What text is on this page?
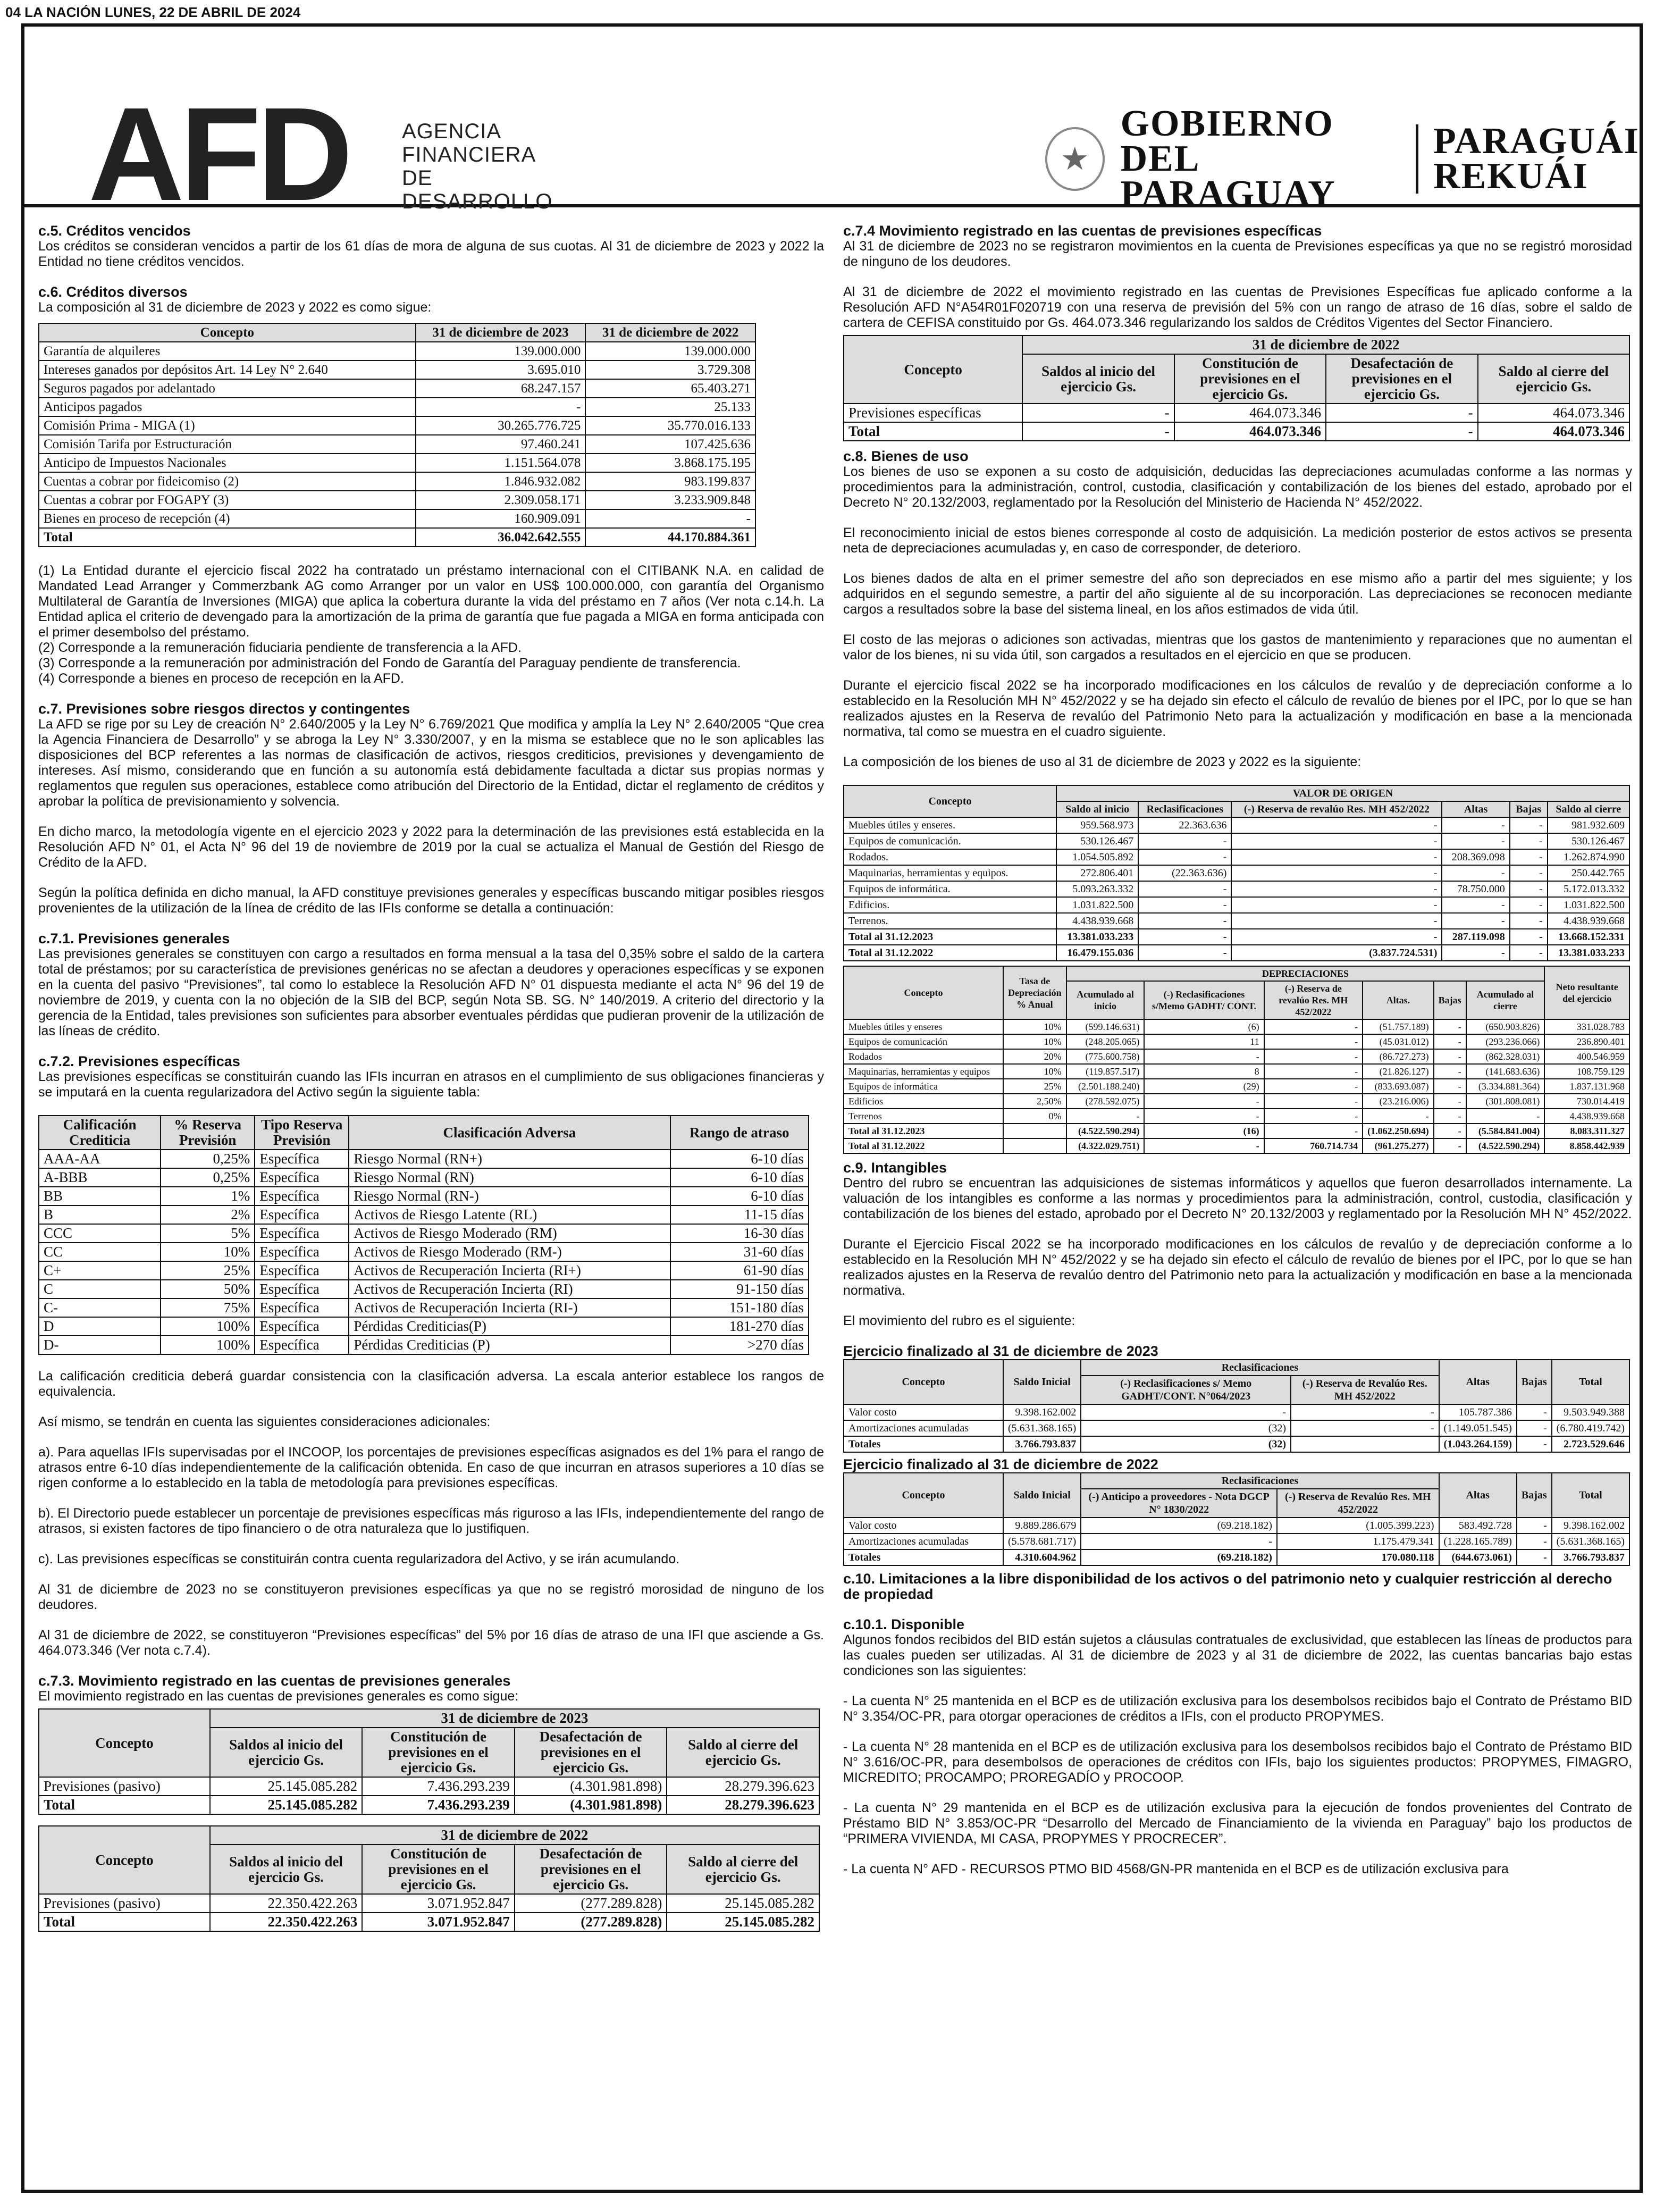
04 LA NACIÓN LUNES, 22 DE ABRIL DE 2024
AFD	AGENCIA
FINANCIERA
DE DESARROLLO
★
GOBIERNO DEL
PARAGUAY
PARAGUÁI
REKUÁI
c.5. Créditos vencidos

Los créditos se consideran vencidos a partir de los 61 días de mora de alguna de sus cuotas. Al 31 de diciembre de 2023 y 2022 la Entidad no tiene créditos vencidos.

c.6. Créditos diversos

La composición al 31 de diciembre de 2023 y 2022 es como sigue:

Concepto	31 de diciembre de 2023	31 de diciembre de 2022
Garantía de alquileres	139.000.000	139.000.000
Intereses ganados por depósitos Art. 14 Ley N° 2.640	3.695.010	3.729.308
Seguros pagados por adelantado	68.247.157	65.403.271
Anticipos pagados	-	25.133
Comisión Prima - MIGA (1)	30.265.776.725	35.770.016.133
Comisión Tarifa por Estructuración	97.460.241	107.425.636
Anticipo de Impuestos Nacionales	1.151.564.078	3.868.175.195
Cuentas a cobrar por fideicomiso (2)	1.846.932.082	983.199.837
Cuentas a cobrar por FOGAPY (3)	2.309.058.171	3.233.909.848
Bienes en proceso de recepción (4)	160.909.091	-
Total	36.042.642.555	44.170.884.361

(1) La Entidad durante el ejercicio fiscal 2022 ha contratado un préstamo internacional con el CITIBANK N.A. en calidad de Mandated Lead Arranger y Commerzbank AG como Arranger por un valor en US$ 100.000.000, con garantía del Organismo Multilateral de Garantía de Inversiones (MIGA) que aplica la cobertura durante la vida del préstamo en 7 años (Ver nota c.14.h. La Entidad aplica el criterio de devengado para la amortización de la prima de garantía que fue pagada a MIGA en forma anticipada con el primer desembolso del préstamo.

(2) Corresponde a la remuneración fiduciaria pendiente de transferencia a la AFD.

(3) Corresponde a la remuneración por administración del Fondo de Garantía del Paraguay pendiente de transferencia.

(4) Corresponde a bienes en proceso de recepción en la AFD.

c.7. Previsiones sobre riesgos directos y contingentes

La AFD se rige por su Ley de creación N° 2.640/2005 y la Ley N° 6.769/2021 Que modifica y amplía la Ley N° 2.640/2005 “Que crea la Agencia Financiera de Desarrollo” y se abroga la Ley N° 3.330/2007, y en la misma se establece que no le son aplicables las disposiciones del BCP referentes a las normas de clasificación de activos, riesgos crediticios, previsiones y devengamiento de intereses. Así mismo, considerando que en función a su autonomía está debidamente facultada a dictar sus propias normas y reglamentos que regulen sus operaciones, establece como atribución del Directorio de la Entidad, dictar el reglamento de créditos y aprobar la política de previsionamiento y solvencia.

En dicho marco, la metodología vigente en el ejercicio 2023 y 2022 para la determinación de las previsiones está establecida en la Resolución AFD N° 01, el Acta N° 96 del 19 de noviembre de 2019 por la cual se actualiza el Manual de Gestión del Riesgo de Crédito de la AFD.

Según la política definida en dicho manual, la AFD constituye previsiones generales y específicas buscando mitigar posibles riesgos provenientes de la utilización de la línea de crédito de las IFIs conforme se detalla a continuación:

c.7.1. Previsiones generales

Las previsiones generales se constituyen con cargo a resultados en forma mensual a la tasa del 0,35% sobre el saldo de la cartera total de préstamos; por su característica de previsiones genéricas no se afectan a deudores y operaciones específicas y se exponen en la cuenta del pasivo “Previsiones”, tal como lo establece la Resolución AFD N° 01 dispuesta mediante el acta N° 96 del 19 de noviembre de 2019, y cuenta con la no objeción de la SIB del BCP, según Nota SB. SG. N° 140/2019. A criterio del directorio y la gerencia de la Entidad, tales previsiones son suficientes para absorber eventuales pérdidas que pudieran provenir de la utilización de las líneas de crédito.

c.7.2. Previsiones específicas

Las previsiones específicas se constituirán cuando las IFIs incurran en atrasos en el cumplimiento de sus obligaciones financieras y se imputará en la cuenta regularizadora del Activo según la siguiente tabla:

Calificación Crediticia	% Reserva Previsión	Tipo Reserva Previsión	Clasificación Adversa	Rango de atraso
AAA-AA	0,25%	Específica	Riesgo Normal (RN+)	6-10 días
A-BBB	0,25%	Específica	Riesgo Normal (RN)	6-10 días
BB	1%	Específica	Riesgo Normal (RN-)	6-10 días
B	2%	Específica	Activos de Riesgo Latente (RL)	11-15 días
CCC	5%	Específica	Activos de Riesgo Moderado (RM)	16-30 días
CC	10%	Específica	Activos de Riesgo Moderado (RM-)	31-60 días
C+	25%	Específica	Activos de Recuperación Incierta (RI+)	61-90 días
C	50%	Específica	Activos de Recuperación Incierta (RI)	91-150 días
C-	75%	Específica	Activos de Recuperación Incierta (RI-)	151-180 días
D	100%	Específica	Pérdidas Crediticias(P)	181-270 días
D-	100%	Específica	Pérdidas Crediticias (P)	>270 días

La calificación crediticia deberá guardar consistencia con la clasificación adversa. La escala anterior establece los rangos de equivalencia.

Así mismo, se tendrán en cuenta las siguientes consideraciones adicionales:

a). Para aquellas IFIs supervisadas por el INCOOP, los porcentajes de previsiones específicas asignados es del 1% para el rango de atrasos entre 6-10 días independientemente de la calificación obtenida. En caso de que incurran en atrasos superiores a 10 días se rigen conforme a lo establecido en la tabla de metodología para previsiones específicas.

b). El Directorio puede establecer un porcentaje de previsiones específicas más riguroso a las IFIs, independientemente del rango de atrasos, si existen factores de tipo financiero o de otra naturaleza que lo justifiquen.

c). Las previsiones específicas se constituirán contra cuenta regularizadora del Activo, y se irán acumulando.

Al 31 de diciembre de 2023 no se constituyeron previsiones específicas ya que no se registró morosidad de ninguno de los deudores.

Al 31 de diciembre de 2022, se constituyeron “Previsiones específicas” del 5% por 16 días de atraso de una IFI que asciende a Gs. 464.073.346 (Ver nota c.7.4).

c.7.3. Movimiento registrado en las cuentas de previsiones generales

El movimiento registrado en las cuentas de previsiones generales es como sigue:

Concepto	31 de diciembre de 2023			
	Saldos al inicio del ejercicio Gs.	Constitución de previsiones en el ejercicio Gs.	Desafectación de previsiones en el ejercicio Gs.	Saldo al cierre del ejercicio Gs.
Previsiones (pasivo)	25.145.085.282	7.436.293.239	(4.301.981.898)	28.279.396.623
Total	25.145.085.282	7.436.293.239	(4.301.981.898)	28.279.396.623
Concepto	31 de diciembre de 2022			
	Saldos al inicio del ejercicio Gs.	Constitución de previsiones en el ejercicio Gs.	Desafectación de previsiones en el ejercicio Gs.	Saldo al cierre del ejercicio Gs.
Previsiones (pasivo)	22.350.422.263	3.071.952.847	(277.289.828)	25.145.085.282
Total	22.350.422.263	3.071.952.847	(277.289.828)	25.145.085.282
c.7.4 Movimiento registrado en las cuentas de previsiones específicas

Al 31 de diciembre de 2023 no se registraron movimientos en la cuenta de Previsiones específicas ya que no se registró morosidad de ninguno de los deudores.

Al 31 de diciembre de 2022 el movimiento registrado en las cuentas de Previsiones Específicas fue aplicado conforme a la Resolución AFD N°A54R01F020719 con una reserva de previsión del 5% con un rango de atraso de 16 días, sobre el saldo de cartera de CEFISA constituido por Gs. 464.073.346 regularizando los saldos de Créditos Vigentes del Sector Financiero.

Concepto	31 de diciembre de 2022			
	Saldos al inicio del ejercicio Gs.	Constitución de previsiones en el ejercicio Gs.	Desafectación de previsiones en el ejercicio Gs.	Saldo al cierre del ejercicio Gs.
Previsiones específicas	-	464.073.346	-	464.073.346
Total	-	464.073.346	-	464.073.346
c.8. Bienes de uso

Los bienes de uso se exponen a su costo de adquisición, deducidas las depreciaciones acumuladas conforme a las normas y procedimientos para la administración, control, custodia, clasificación y contabilización de los bienes del estado, aprobado por el Decreto N° 20.132/2003, reglamentado por la Resolución del Ministerio de Hacienda N° 452/2022.

El reconocimiento inicial de estos bienes corresponde al costo de adquisición. La medición posterior de estos activos se presenta neta de depreciaciones acumuladas y, en caso de corresponder, de deterioro.

Los bienes dados de alta en el primer semestre del año son depreciados en ese mismo año a partir del mes siguiente; y los adquiridos en el segundo semestre, a partir del año siguiente al de su incorporación. Las depreciaciones se reconocen mediante cargos a resultados sobre la base del sistema lineal, en los años estimados de vida útil.

El costo de las mejoras o adiciones son activadas, mientras que los gastos de mantenimiento y reparaciones que no aumentan el valor de los bienes, ni su vida útil, son cargados a resultados en el ejercicio en que se producen.

Durante el ejercicio fiscal 2022 se ha incorporado modificaciones en los cálculos de revalúo y de depreciación conforme a lo establecido en la Resolución MH N° 452/2022 y se ha dejado sin efecto el cálculo de revalúo de bienes por el IPC, por lo que se han realizados ajustes en la Reserva de revalúo del Patrimonio Neto para la actualización y modificación en base a la mencionada normativa, tal como se muestra en el cuadro siguiente.

La composición de los bienes de uso al 31 de diciembre de 2023 y 2022 es la siguiente:

Concepto	VALOR DE ORIGEN					
	Saldo al inicio	Reclasificaciones	(-) Reserva de revalúo Res. MH 452/2022	Altas	Bajas	Saldo al cierre
Muebles útiles y enseres.	959.568.973	22.363.636	-	-	-	981.932.609
Equipos de comunicación.	530.126.467	-	-	-	-	530.126.467
Rodados.	1.054.505.892	-	-	208.369.098	-	1.262.874.990
Maquinarias, herramientas y equipos.	272.806.401	(22.363.636)	-	-	-	250.442.765
Equipos de informática.	5.093.263.332	-	-	78.750.000	-	5.172.013.332
Edificios.	1.031.822.500	-	-	-	-	1.031.822.500
Terrenos.	4.438.939.668	-	-	-	-	4.438.939.668
Total al 31.12.2023	13.381.033.233	-	-	287.119.098	-	13.668.152.331
Total al 31.12.2022	16.479.155.036	-	(3.837.724.531)	-	-	13.381.033.233
Concepto	Tasa de Depreciación % Anual	DEPRECIACIONES						Neto resultante del ejercicio
		Acumulado al inicio	(-) Reclasificaciones s/Memo GADHT/ CONT.	(-) Reserva de revalúo Res. MH 452/2022	Altas.	Bajas	Acumulado al cierre	
Muebles útiles y enseres	10%	(599.146.631)	(6)	-	(51.757.189)	-	(650.903.826)	331.028.783
Equipos de comunicación	10%	(248.205.065)	11	-	(45.031.012)	-	(293.236.066)	236.890.401
Rodados	20%	(775.600.758)	-	-	(86.727.273)	-	(862.328.031)	400.546.959
Maquinarias, herramientas y equipos	10%	(119.857.517)	8	-	(21.826.127)	-	(141.683.636)	108.759.129
Equipos de informática	25%	(2.501.188.240)	(29)	-	(833.693.087)	-	(3.334.881.364)	1.837.131.968
Edificios	2,50%	(278.592.075)	-	-	(23.216.006)	-	(301.808.081)	730.014.419
Terrenos	0%	-	-	-	-	-	-	4.438.939.668
Total al 31.12.2023		(4.522.590.294)	(16)	-	(1.062.250.694)	-	(5.584.841.004)	8.083.311.327
Total al 31.12.2022		(4.322.029.751)	-	760.714.734	(961.275.277)	-	(4.522.590.294)	8.858.442.939
c.9. Intangibles

Dentro del rubro se encuentran las adquisiciones de sistemas informáticos y aquellos que fueron desarrollados internamente. La valuación de los intangibles es conforme a las normas y procedimientos para la administración, control, custodia, clasificación y contabilización de los bienes del estado, aprobado por el Decreto N° 20.132/2003 y reglamentado por la Resolución MH N° 452/2022.

Durante el Ejercicio Fiscal 2022 se ha incorporado modificaciones en los cálculos de revalúo y de depreciación conforme a lo establecido en la Resolución MH N° 452/2022 y se ha dejado sin efecto el cálculo de revalúo de bienes por el IPC, por lo que se han realizados ajustes en la Reserva de revalúo dentro del Patrimonio neto para la actualización y modificación en base a la mencionada normativa.

El movimiento del rubro es el siguiente:

Ejercicio finalizado al 31 de diciembre de 2023
Concepto	Saldo Inicial	Reclasificaciones		Altas	Bajas	Total
		(-) Reclasificaciones s/ Memo GADHT/CONT. N°064/2023	(-) Reserva de Revalúo Res. MH 452/2022			
Valor costo	9.398.162.002	-	-	105.787.386	-	9.503.949.388
Amortizaciones acumuladas	(5.631.368.165)	(32)	-	(1.149.051.545)	-	(6.780.419.742)
Totales	3.766.793.837	(32)		(1.043.264.159)	-	2.723.529.646
Ejercicio finalizado al 31 de diciembre de 2022
Concepto	Saldo Inicial	Reclasificaciones		Altas	Bajas	Total
		(-) Anticipo a proveedores - Nota DGCP N° 1830/2022	(-) Reserva de Revalúo Res. MH 452/2022			
Valor costo	9.889.286.679	(69.218.182)	(1.005.399.223)	583.492.728	-	9.398.162.002
Amortizaciones acumuladas	(5.578.681.717)	-	1.175.479.341	(1.228.165.789)	-	(5.631.368.165)
Totales	4.310.604.962	(69.218.182)	170.080.118	(644.673.061)	-	3.766.793.837
c.10. Limitaciones a la libre disponibilidad de los activos o del patrimonio neto y cualquier restricción al derecho de propiedad
c.10.1. Disponible

Algunos fondos recibidos del BID están sujetos a cláusulas contratuales de exclusividad, que establecen las líneas de productos para las cuales pueden ser utilizadas. Al 31 de diciembre de 2023 y al 31 de diciembre de 2022, las cuentas bancarias bajo estas condiciones son las siguientes:

- La cuenta N° 25 mantenida en el BCP es de utilización exclusiva para los desembolsos recibidos bajo el Contrato de Préstamo BID N° 3.354/OC-PR, para otorgar operaciones de créditos a IFIs, con el producto PROPYMES.

- La cuenta N° 28 mantenida en el BCP es de utilización exclusiva para los desembolsos recibidos bajo el Contrato de Préstamo BID N° 3.616/OC-PR, para desembolsos de operaciones de créditos con IFIs, bajo los siguientes productos: PROPYMES, FIMAGRO, MICREDITO; PROCAMPO; PROREGADÍO y PROCOOP.

- La cuenta N° 29 mantenida en el BCP es de utilización exclusiva para la ejecución de fondos provenientes del Contrato de Préstamo BID N° 3.853/OC-PR “Desarrollo del Mercado de Financiamiento de la vivienda en Paraguay” bajo los productos de “PRIMERA VIVIENDA, MI CASA, PROPYMES Y PROCRECER”.

- La cuenta N° AFD - RECURSOS PTMO BID 4568/GN-PR mantenida en el BCP es de utilización exclusiva para
